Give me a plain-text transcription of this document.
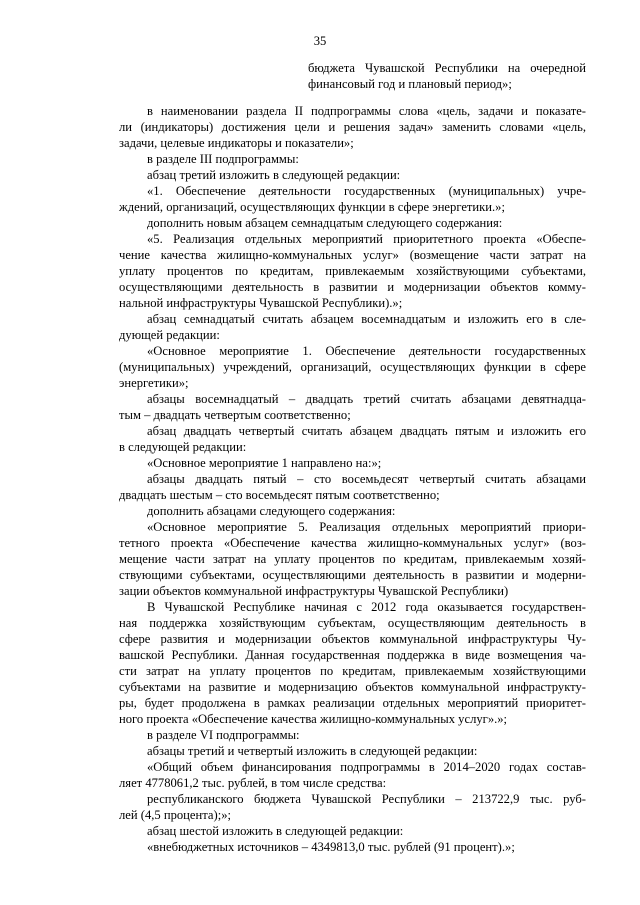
35
бюджета Чувашской Республики на очередной
финансовый год и плановый период»;
в наименовании раздела II подпрограммы слова «цель, задачи и показате-
ли (индикаторы) достижения цели и решения задач» заменить словами «цель,
задачи, целевые индикаторы и показатели»;
в разделе III подпрограммы:
абзац третий изложить в следующей редакции:
«1. Обеспечение деятельности государственных (муниципальных) учре-
ждений, организаций, осуществляющих функции в сфере энергетики.»;
дополнить новым абзацем семнадцатым следующего содержания:
«5. Реализация отдельных мероприятий приоритетного проекта «Обеспе-
чение качества жилищно-коммунальных услуг» (возмещение части затрат на
уплату процентов по кредитам, привлекаемым хозяйствующими субъектами,
осуществляющими деятельность в развитии и модернизации объектов комму-
нальной инфраструктуры Чувашской Республики).»;
абзац семнадцатый считать абзацем восемнадцатым и изложить его в сле-
дующей редакции:
«Основное мероприятие 1. Обеспечение деятельности государственных
(муниципальных) учреждений, организаций, осуществляющих функции в сфере
энергетики»;
абзацы восемнадцатый – двадцать третий считать абзацами девятнадца-
тым – двадцать четвертым соответственно;
абзац двадцать четвертый считать абзацем двадцать пятым и изложить его
в следующей редакции:
«Основное мероприятие 1 направлено на:»;
абзацы двадцать пятый – сто восемьдесят четвертый считать абзацами
двадцать шестым – сто восемьдесят пятым соответственно;
дополнить абзацами следующего содержания:
«Основное мероприятие 5. Реализация отдельных мероприятий приори-
тетного проекта «Обеспечение качества жилищно-коммунальных услуг» (воз-
мещение части затрат на уплату процентов по кредитам, привлекаемым хозяй-
ствующими субъектами, осуществляющими деятельность в развитии и модерни-
зации объектов коммунальной инфраструктуры Чувашской Республики)
В Чувашской Республике начиная с 2012 года оказывается государствен-
ная поддержка хозяйствующим субъектам, осуществляющим деятельность в
сфере развития и модернизации объектов коммунальной инфраструктуры Чу-
вашской Республики. Данная государственная поддержка в виде возмещения ча-
сти затрат на уплату процентов по кредитам, привлекаемым хозяйствующими
субъектами на развитие и модернизацию объектов коммунальной инфраструкту-
ры, будет продолжена в рамках реализации отдельных мероприятий приоритет-
ного проекта «Обеспечение качества жилищно-коммунальных услуг».»;
в разделе VI подпрограммы:
абзацы третий и четвертый изложить в следующей редакции:
«Общий объем финансирования подпрограммы в 2014–2020 годах состав-
ляет 4778061,2 тыс. рублей, в том числе средства:
республиканского бюджета Чувашской Республики – 213722,9 тыс. руб-
лей (4,5 процента);»;
абзац шестой изложить в следующей редакции:
«внебюджетных источников – 4349813,0 тыс. рублей (91 процент).»;
